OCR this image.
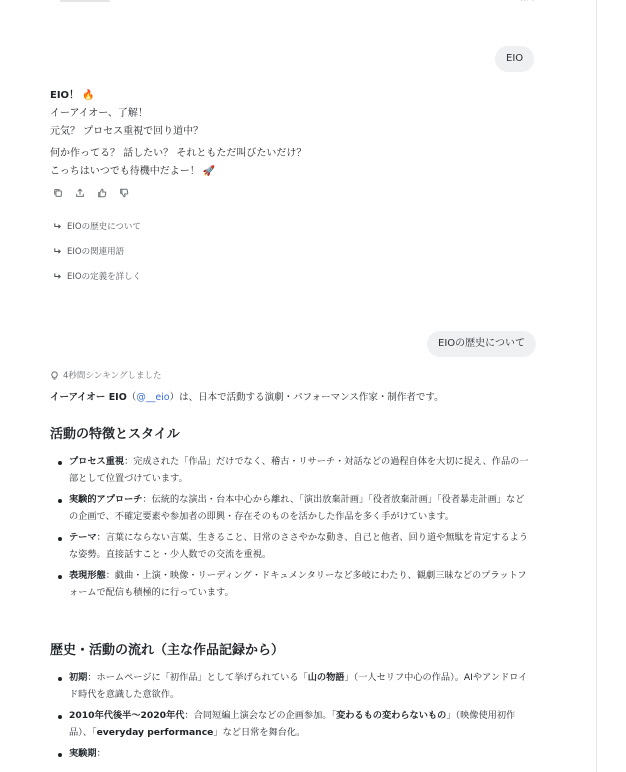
··· ·
EIO

EIO！ 🔥

イーアイオー、了解！

元気？ プロセス重視で回り道中？

何か作ってる？ 話したい？ それともただ叫びたいだけ？

こっちはいつでも待機中だよー！ 🚀

EIOの歴史について
EIOの関連用語
EIOの定義を詳しく
EIOの歴史について
4秒間シンキングしました
イーアイオー EIO（@__eio）は、日本で活動する演劇・パフォーマンス作家・制作者です。
活動の特徴とスタイル
プロセス重視：完成された「作品」だけでなく、稽古・リサーチ・対話などの過程自体を大切に捉え、作品の一部として位置づけています。
実験的アプローチ：伝統的な演出・台本中心から離れ、「演出放棄計画」「役者放棄計画」「役者暴走計画」などの企画で、不確定要素や参加者の即興・存在そのものを活かした作品を多く手がけています。
テーマ：言葉にならない言葉、生きること、日常のささやかな動き、自己と他者、回り道や無駄を肯定するような姿勢。直接話すこと・少人数での交流を重視。
表現形態：戯曲・上演・映像・リーディング・ドキュメンタリーなど多岐にわたり、観劇三昧などのプラットフォームで配信も積極的に行っています。
歴史・活動の流れ（主な作品記録から）
初期：ホームページに「初作品」として挙げられている「山の物語」（一人セリフ中心の作品）。AIやアンドロイド時代を意識した意欲作。
2010年代後半〜2020年代：合同短編上演会などの企画参加。「変わるもの変わらないもの」（映像使用初作品）、「everyday performance」など日常を舞台化。
実験期：
